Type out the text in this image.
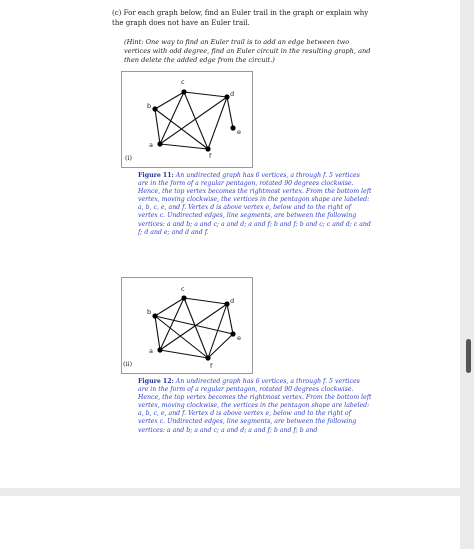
(c) For each graph below, find an Euler trail in the graph or explain why the graph does not have an Euler trail.
(Hint: One way to find an Euler trail is to add an edge between two vertices with odd degree, find an Euler circuit in the resulting graph, and then delete the added edge from the circuit.)
a
b
c
d
e
f
(i)
Figure 11: An undirected graph has 6 vertices, a through f. 5 vertices are in the form of a regular pentagon, rotated 90 degrees clockwise. Hence, the top vertex becomes the rightmost vertex. From the bottom left vertex, moving clockwise, the vertices in the pentagon shape are labeled: a, b, c, e, and f. Vertex d is above vertex e, below and to the right of vertex c. Undirected edges, line segments, are between the following vertices: a and b; a and c; a and d; a and f; b and f; b and c; c and d; c and f; d and e; and d and f.
a
b
c
d
e
f
(ii)
Figure 12: An undirected graph has 6 vertices, a through f. 5 vertices are in the form of a regular pentagon, rotated 90 degrees clockwise. Hence, the top vertex becomes the rightmost vertex. From the bottom left vertex, moving clockwise, the vertices in the pentagon shape are labeled: a, b, c, e, and f. Vertex d is above vertex e, below and to the right of vertex c. Undirected edges, line segments, are between the following vertices: a and b; a and c; a and d; a and f; b and f; b and
